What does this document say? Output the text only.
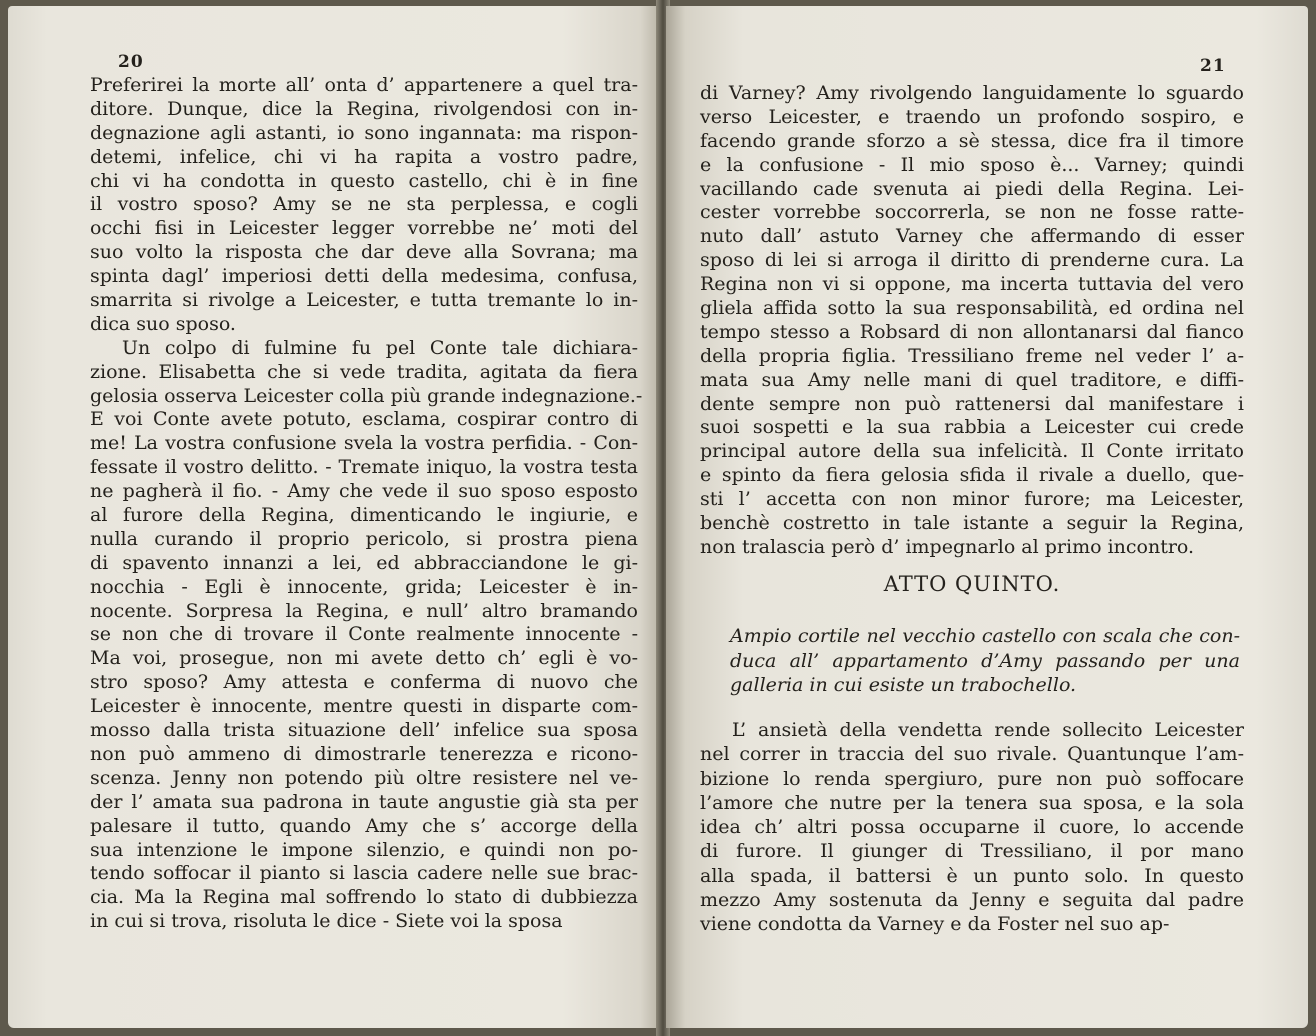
20
Preferirei la morte all’ onta d’ appartenere a quel tra-
ditore. Dunque, dice la Regina, rivolgendosi con in-
degnazione agli astanti, io sono ingannata: ma rispon-
detemi, infelice, chi vi ha rapita a vostro padre,
chi vi ha condotta in questo castello, chi è in fine
il vostro sposo? Amy se ne sta perplessa, e cogli
occhi fisi in Leicester legger vorrebbe ne’ moti del
suo volto la risposta che dar deve alla Sovrana; ma
spinta dagl’ imperiosi detti della medesima, confusa,
smarrita si rivolge a Leicester, e tutta tremante lo in-
dica suo sposo.
Un colpo di fulmine fu pel Conte tale dichiara-
zione. Elisabetta che si vede tradita, agitata da fiera
gelosia osserva Leicester colla più grande indegnazione.-
E voi Conte avete potuto, esclama, cospirar contro di
me! La vostra confusione svela la vostra perfidia. - Con-
fessate il vostro delitto. - Tremate iniquo, la vostra testa
ne pagherà il fio. - Amy che vede il suo sposo esposto
al furore della Regina, dimenticando le ingiurie, e
nulla curando il proprio pericolo, si prostra piena
di spavento innanzi a lei, ed abbracciandone le gi-
nocchia - Egli è innocente, grida; Leicester è in-
nocente. Sorpresa la Regina, e null’ altro bramando
se non che di trovare il Conte realmente innocente -
Ma voi, prosegue, non mi avete detto ch’ egli è vo-
stro sposo? Amy attesta e conferma di nuovo che
Leicester è innocente, mentre questi in disparte com-
mosso dalla trista situazione dell’ infelice sua sposa
non può ammeno di dimostrarle tenerezza e ricono-
scenza. Jenny non potendo più oltre resistere nel ve-
der l’ amata sua padrona in taute angustie già sta per
palesare il tutto, quando Amy che s’ accorge della
sua intenzione le impone silenzio, e quindi non po-
tendo soffocar il pianto si lascia cadere nelle sue brac-
cia. Ma la Regina mal soffrendo lo stato di dubbiezza
in cui si trova, risoluta le dice - Siete voi la sposa
21
di Varney? Amy rivolgendo languidamente lo sguardo
verso Leicester, e traendo un profondo sospiro, e
facendo grande sforzo a sè stessa, dice fra il timore
e la confusione - Il mio sposo è... Varney; quindi
vacillando cade svenuta ai piedi della Regina. Lei-
cester vorrebbe soccorrerla, se non ne fosse ratte-
nuto dall’ astuto Varney che affermando di esser
sposo di lei si arroga il diritto di prenderne cura. La
Regina non vi si oppone, ma incerta tuttavia del vero
gliela affida sotto la sua responsabilità, ed ordina nel
tempo stesso a Robsard di non allontanarsi dal fianco
della propria figlia. Tressiliano freme nel veder l’ a-
mata sua Amy nelle mani di quel traditore, e diffi-
dente sempre non può rattenersi dal manifestare i
suoi sospetti e la sua rabbia a Leicester cui crede
principal autore della sua infelicità. Il Conte irritato
e spinto da fiera gelosia sfida il rivale a duello, que-
sti l’ accetta con non minor furore; ma Leicester,
benchè costretto in tale istante a seguir la Regina,
non tralascia però d’ impegnarlo al primo incontro.
ATTO QUINTO.
Ampio cortile nel vecchio castello con scala che con-
duca all’ appartamento d’Amy passando per una
galleria in cui esiste un trabochello.
L’ ansietà della vendetta rende sollecito Leicester
nel correr in traccia del suo rivale. Quantunque l’am-
bizione lo renda spergiuro, pure non può soffocare
l’amore che nutre per la tenera sua sposa, e la sola
idea ch’ altri possa occuparne il cuore, lo accende
di furore. Il giunger di Tressiliano, il por mano
alla spada, il battersi è un punto solo. In questo
mezzo Amy sostenuta da Jenny e seguita dal padre
viene condotta da Varney e da Foster nel suo ap-
